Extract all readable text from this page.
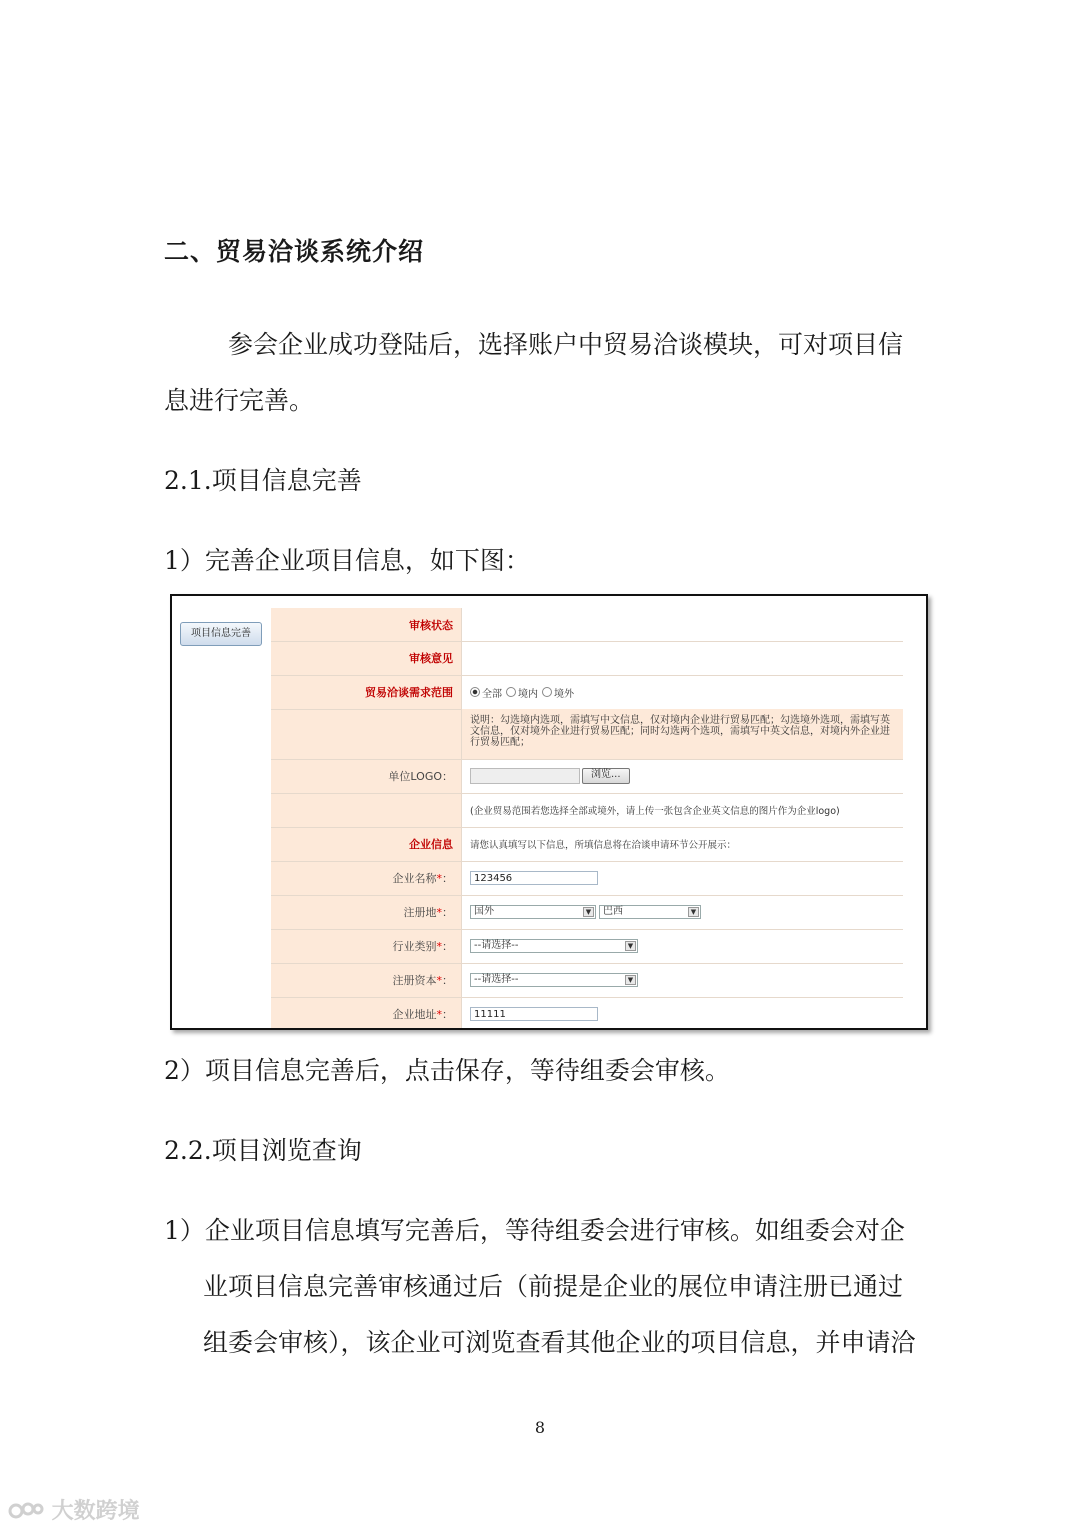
二、贸易洽谈系统介绍
参会企业成功登陆后，选择账户中贸易洽谈模块，可对项目信
息进行完善。
2.1.项目信息完善
1）完善企业项目信息，如下图：
项目信息完善
审核状态
审核意见
贸易洽谈需求范围	全部 境内 境外
说明：勾选境内选项，需填写中文信息，仅对境内企业进行贸易匹配；勾选境外选项，需填写英文信息，仅对境外企业进行贸易匹配；同时勾选两个选项，需填写中英文信息，对境内外企业进行贸易匹配；
单位LOGO：	浏览...
(企业贸易范围若您选择全部或境外，请上传一张包含企业英文信息的图片作为企业logo)
企业信息	请您认真填写以下信息，所填信息将在洽谈申请环节公开展示：
企业名称 * ：	123456
注册地 * ：	国外	▼	巴西	▼
行业类别 * ：	--请选择--	▼
注册资本 * ：	--请选择--	▼
企业地址 * ：	11111
2）项目信息完善后，点击保存，等待组委会审核。
2.2.项目浏览查询
1）企业项目信息填写完善后，等待组委会进行审核。如组委会对企
业项目信息完善审核通过后（前提是企业的展位申请注册已通过
组委会审核），该企业可浏览查看其他企业的项目信息，并申请洽
8
大数跨境
